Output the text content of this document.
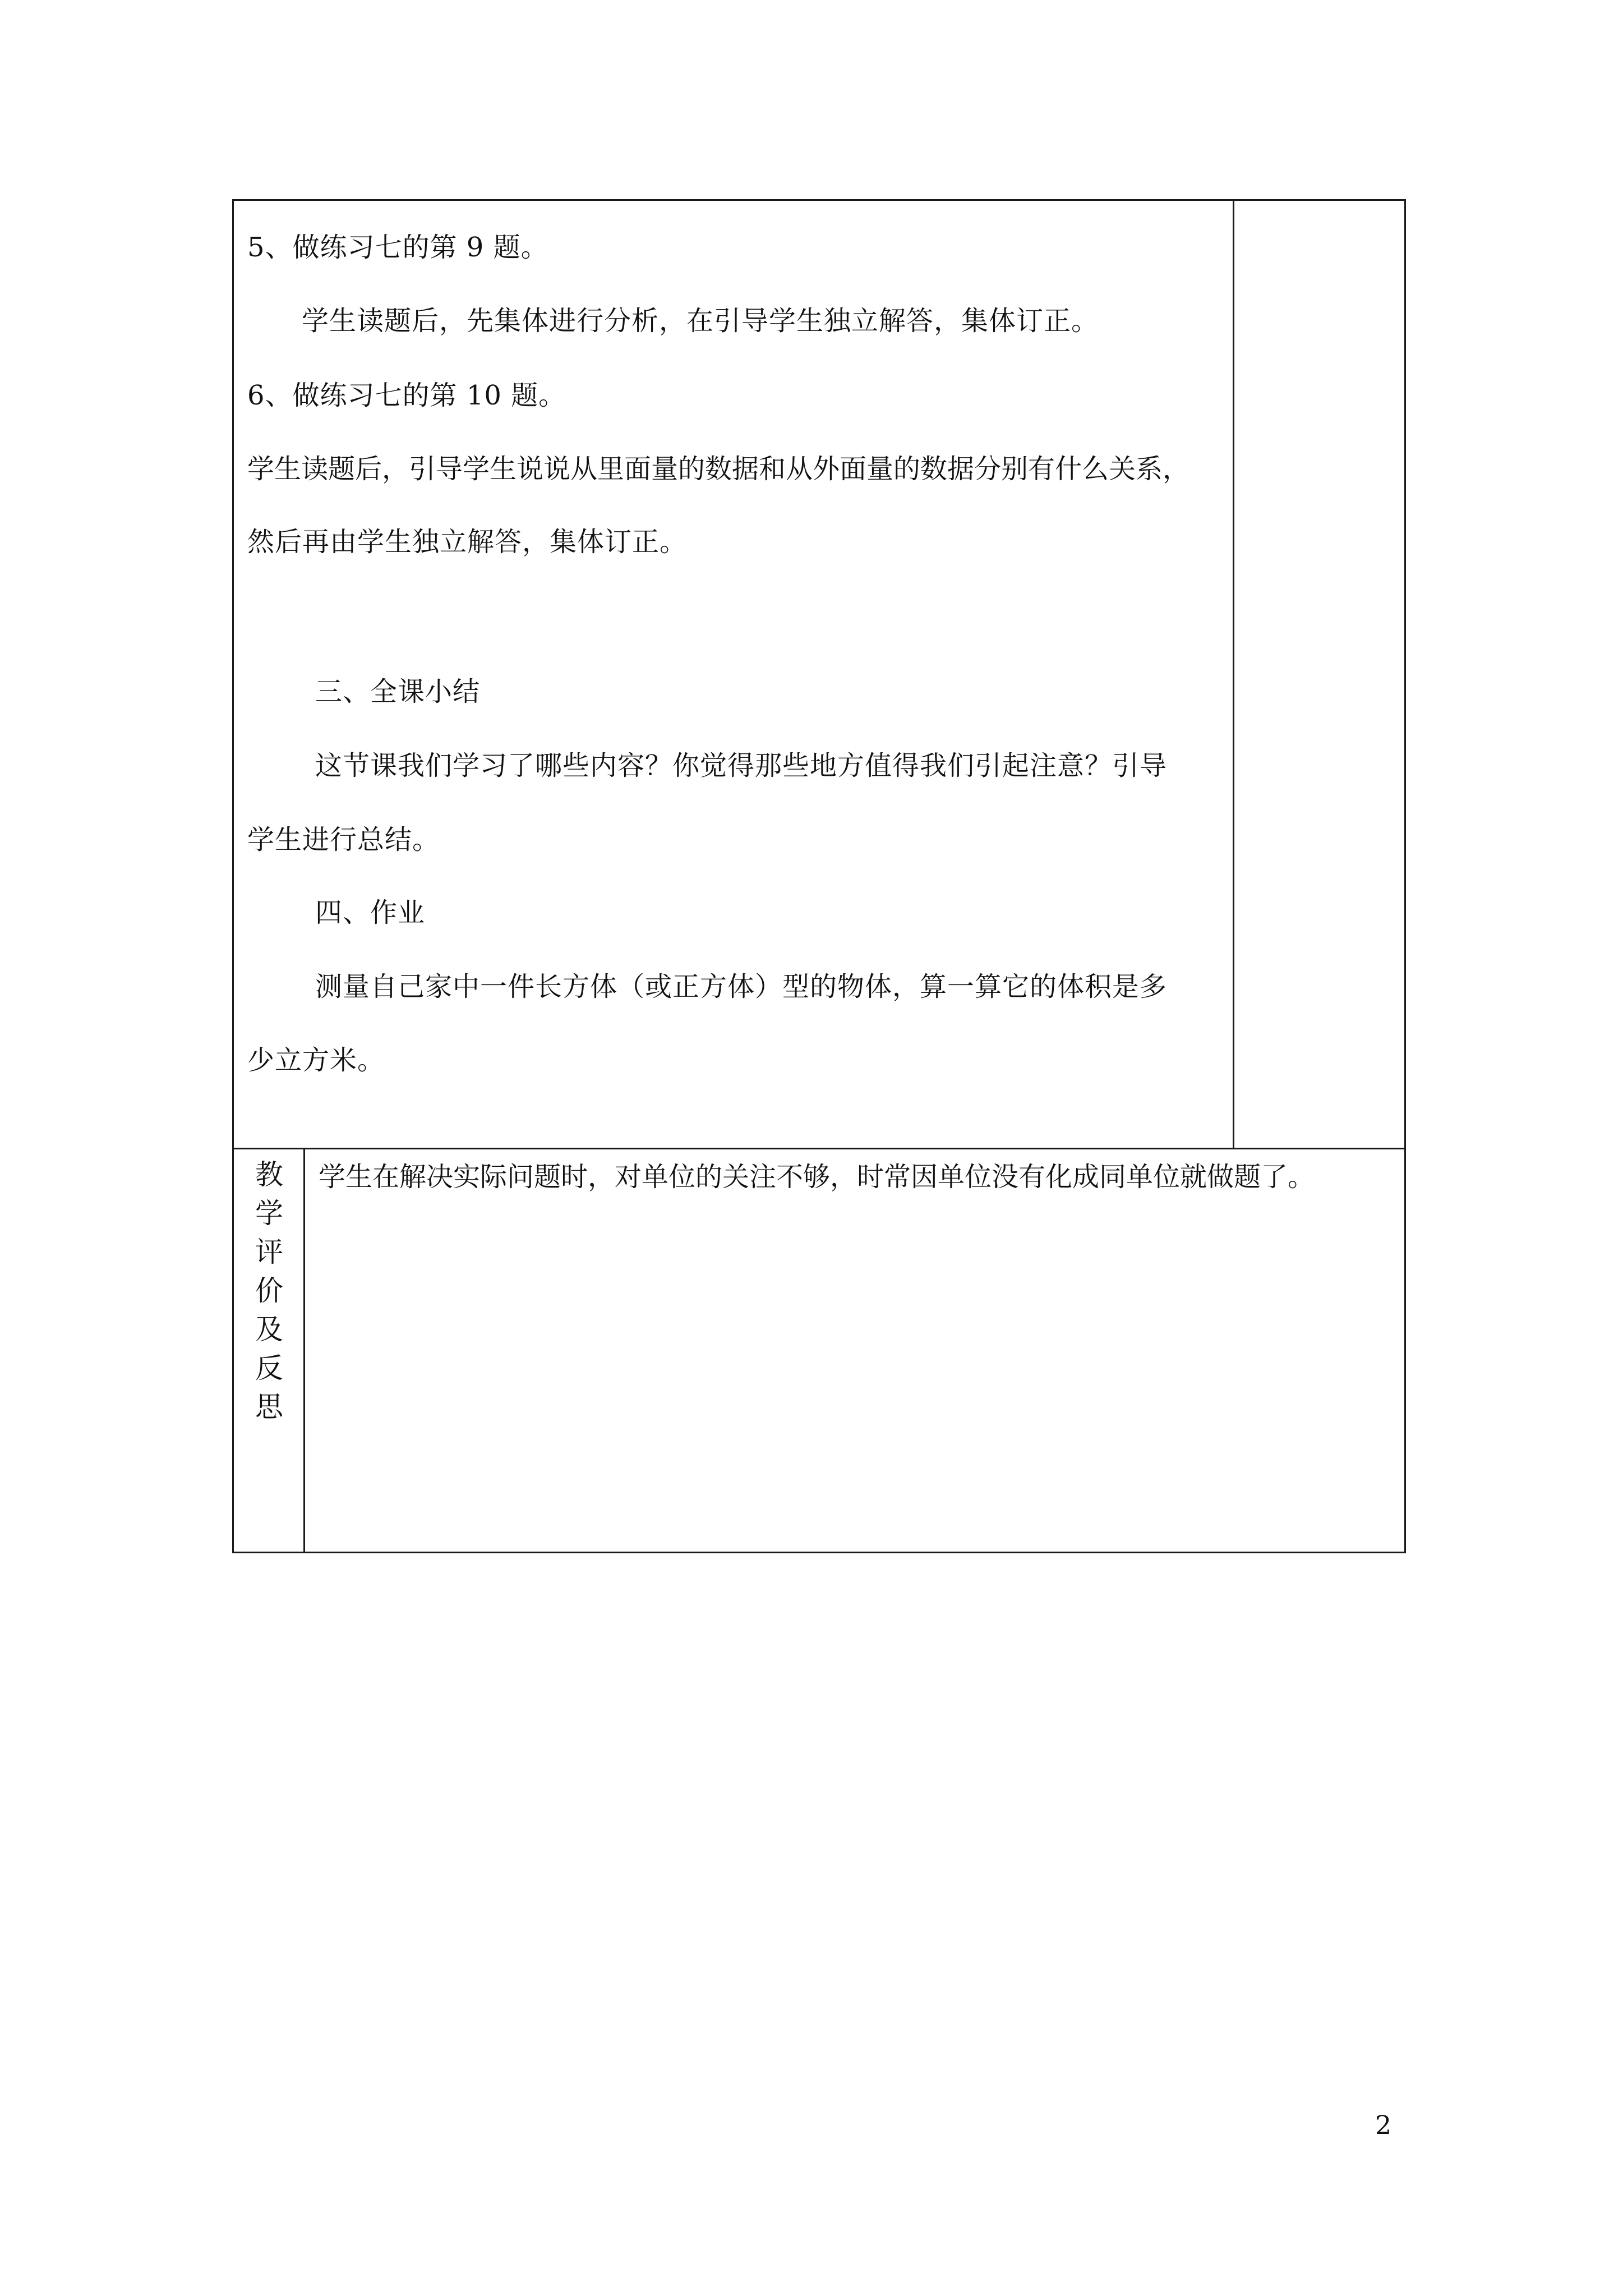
5、做练习七的第 9 题。
学生读题后，先集体进行分析，在引导学生独立解答，集体订正。
6、做练习七的第 10 题。
学生读题后，引导学生说说从里面量的数据和从外面量的数据分别有什么关系，
然后再由学生独立解答，集体订正。
三、全课小结
这节课我们学习了哪些内容？你觉得那些地方值得我们引起注意？引导
学生进行总结。
四、作业
测量自己家中一件长方体（或正方体）型的物体，算一算它的体积是多
少立方米。
教
学
评
价
及
反
思
学生在解决实际问题时，对单位的关注不够，时常因单位没有化成同单位就做题了。
2
